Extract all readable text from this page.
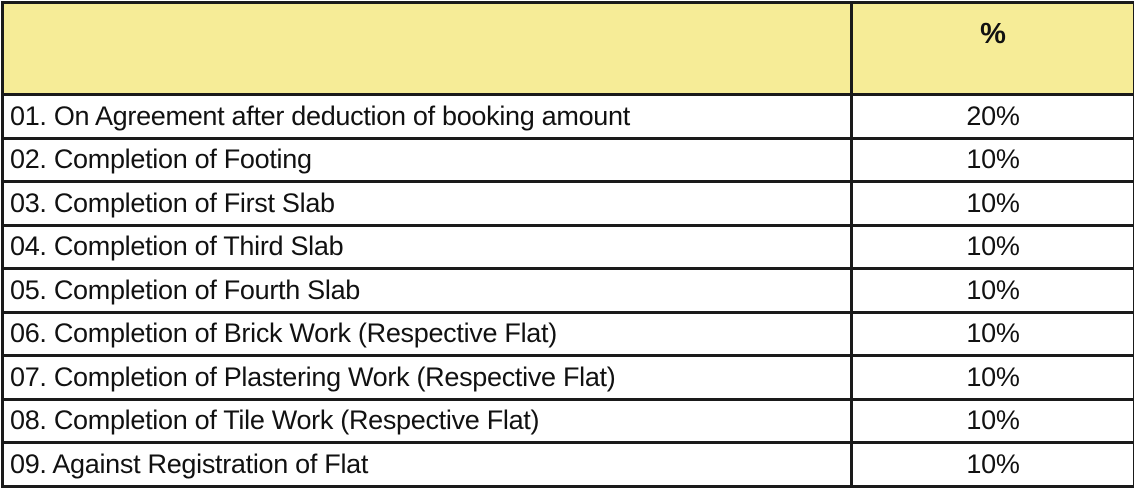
	%
01. On Agreement after deduction of booking amount	20%
02. Completion of Footing	10%
03. Completion of First Slab	10%
04. Completion of Third Slab	10%
05. Completion of Fourth Slab	10%
06. Completion of Brick Work (Respective Flat)	10%
07. Completion of Plastering Work (Respective Flat)	10%
08. Completion of Tile Work (Respective Flat)	10%
09. Against Registration of Flat	10%
